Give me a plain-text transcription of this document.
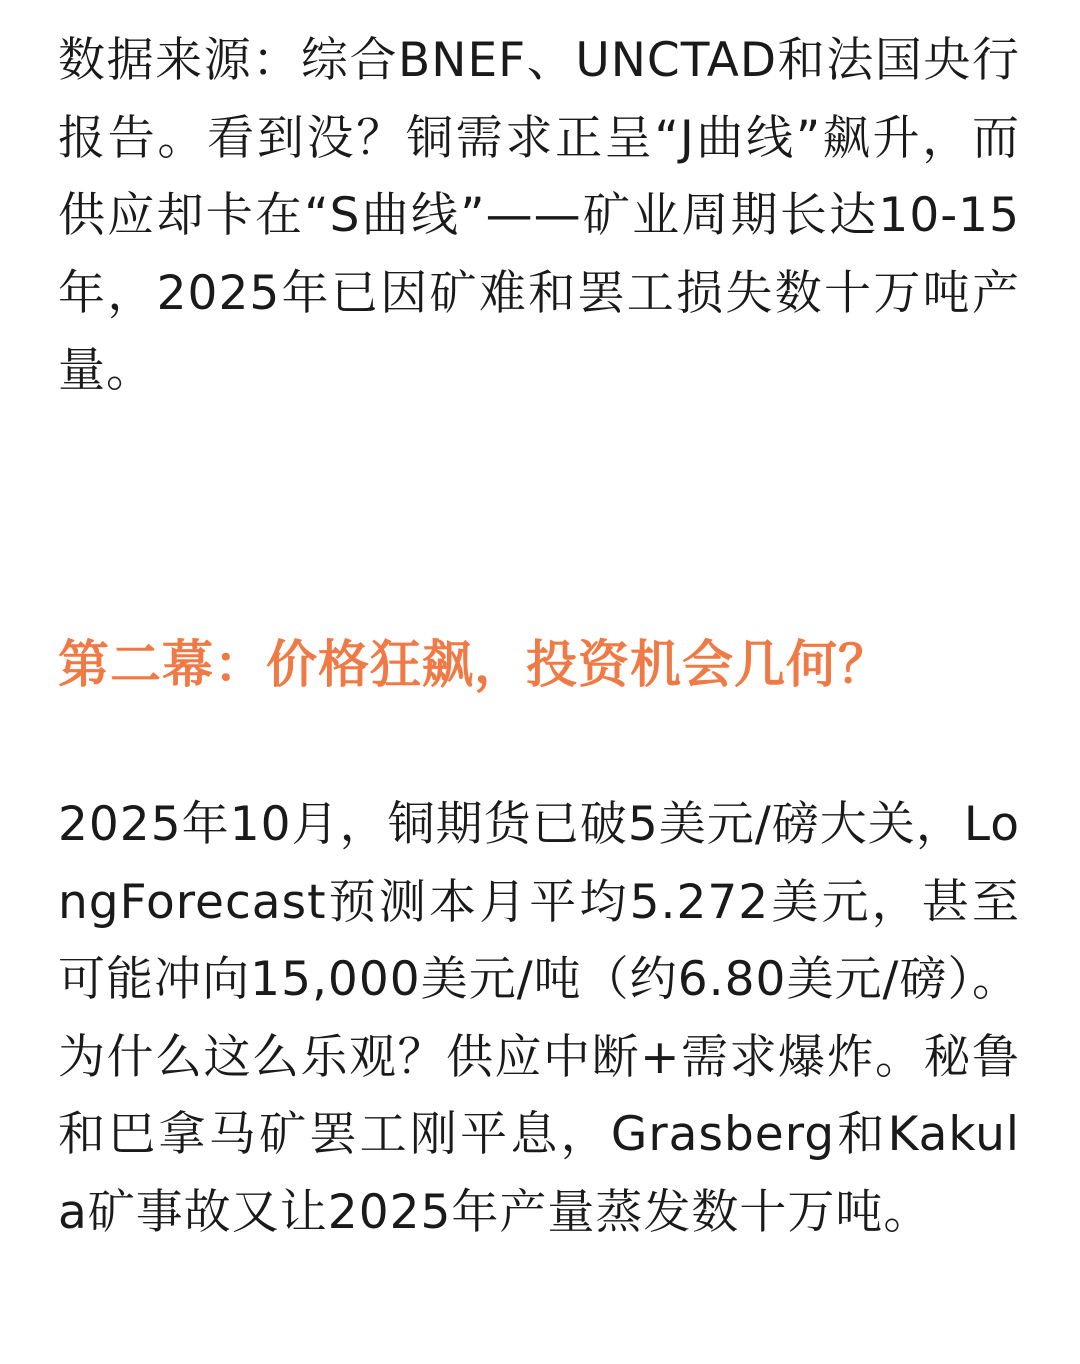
数据来源：综合BNEF、UNCTAD和法国央行报告。看到没？铜需求正呈“J曲线”飙升，而供应却卡在“S曲线”——矿业周期长达10-15年，2025年已因矿难和罢工损失数十万吨产量。

第二幕：价格狂飙，投资机会几何？

2025年10月，铜期货已破5美元/磅大关，LongForecast预测本月平均5.272美元，甚至可能冲向15,000美元/吨（约6.80美元/磅）。为什么这么乐观？供应中断+需求爆炸。秘鲁和巴拿马矿罢工刚平息，Grasberg和Kakula矿事故又让2025年产量蒸发数十万吨。
